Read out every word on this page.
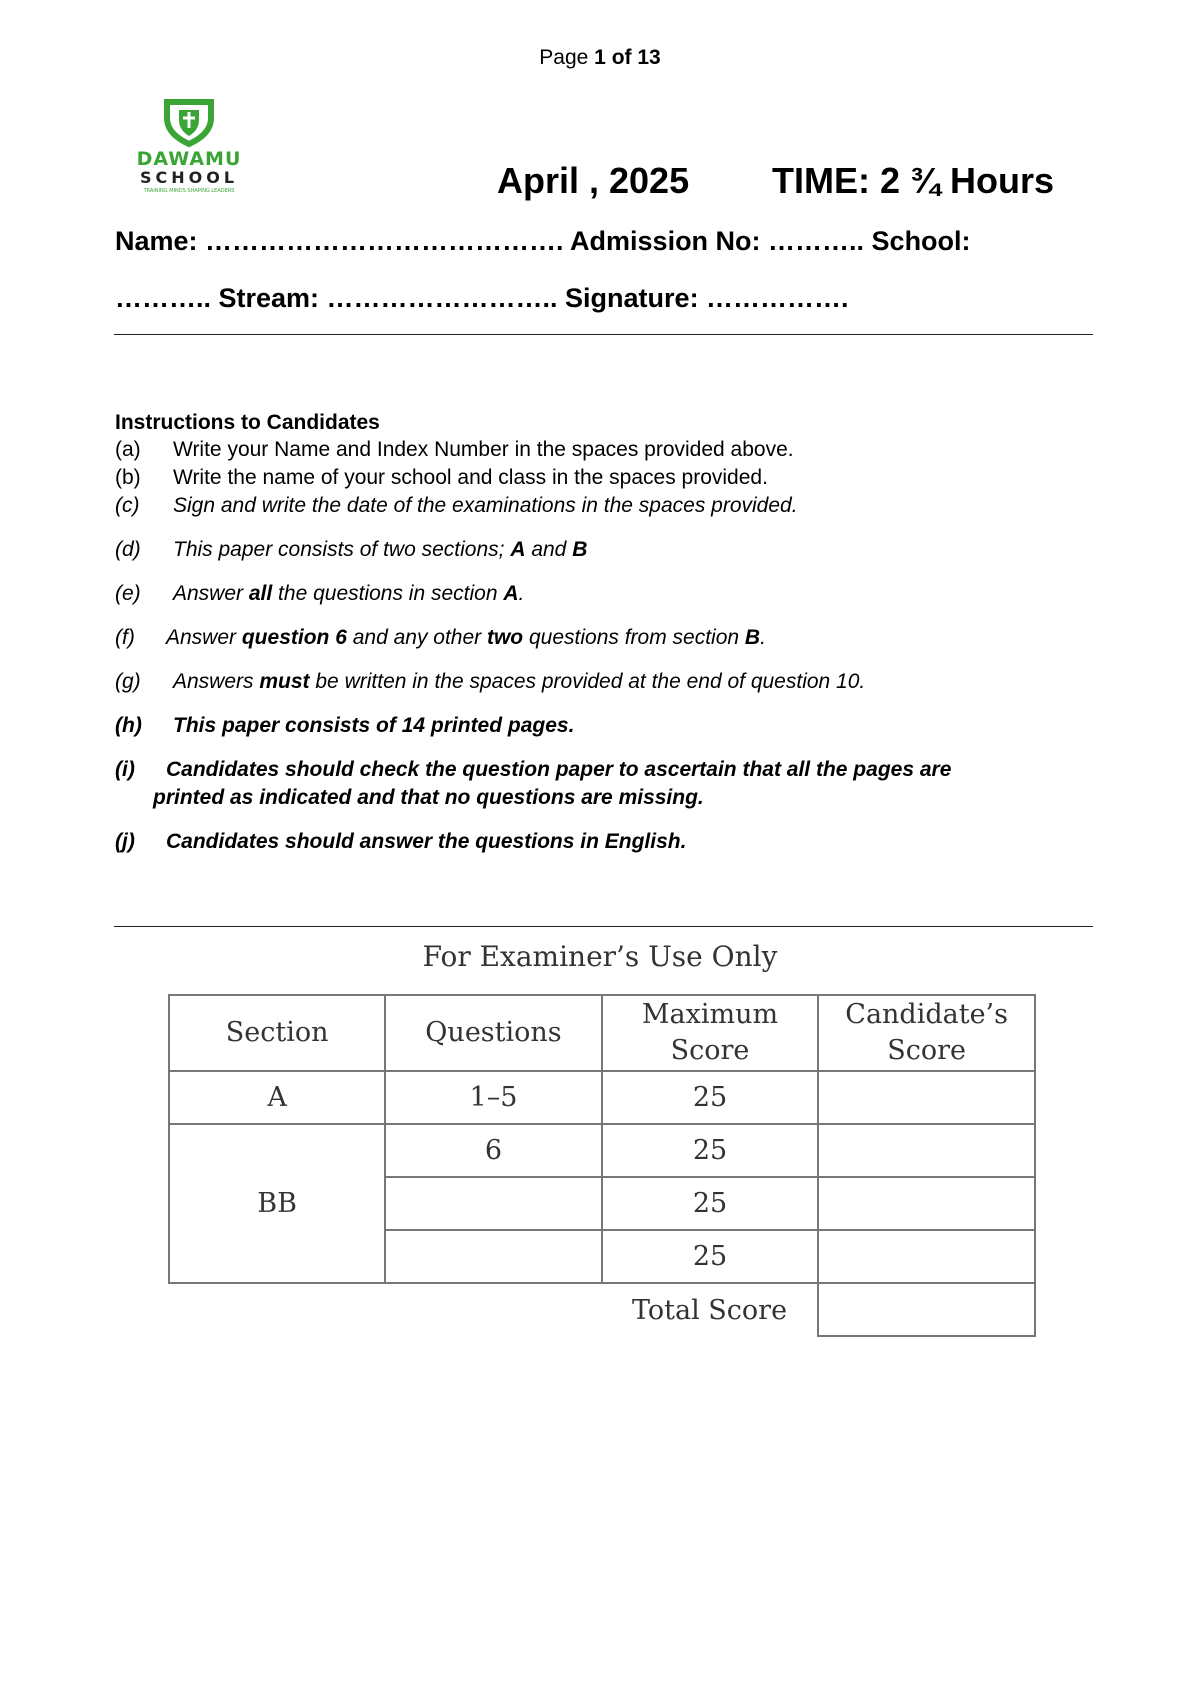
Page 1 of 13
DAWAMU
SCHOOL
TRAINING MINDS SHAPING LEADERS	April , 2025 TIME: 2 ¾ Hours
Name: …………………………………. Admission No: ……….. School:
……….. Stream: …………………….. Signature: …………….
Instructions to Candidates
(a) Write your Name and Index Number in the spaces provided above.
(b) Write the name of your school and class in the spaces provided.
(c) Sign and write the date of the examinations in the spaces provided.
(d) This paper consists of two sections; A and B
(e) Answer all the questions in section A.
(f) Answer question 6 and any other two questions from section B.
(g) Answers must be written in the spaces provided at the end of question 10.
(h) This paper consists of 14 printed pages.
(i) Candidates should check the question paper to ascertain that all the pages are
printed as indicated and that no questions are missing.
(j) Candidates should answer the questions in English.
For Examiner’s Use Only
Section	Questions	Maximum Score	Candidate’s Score
A	1–5	25	
BB	6	25	
		25	
		25	
		Total Score	
